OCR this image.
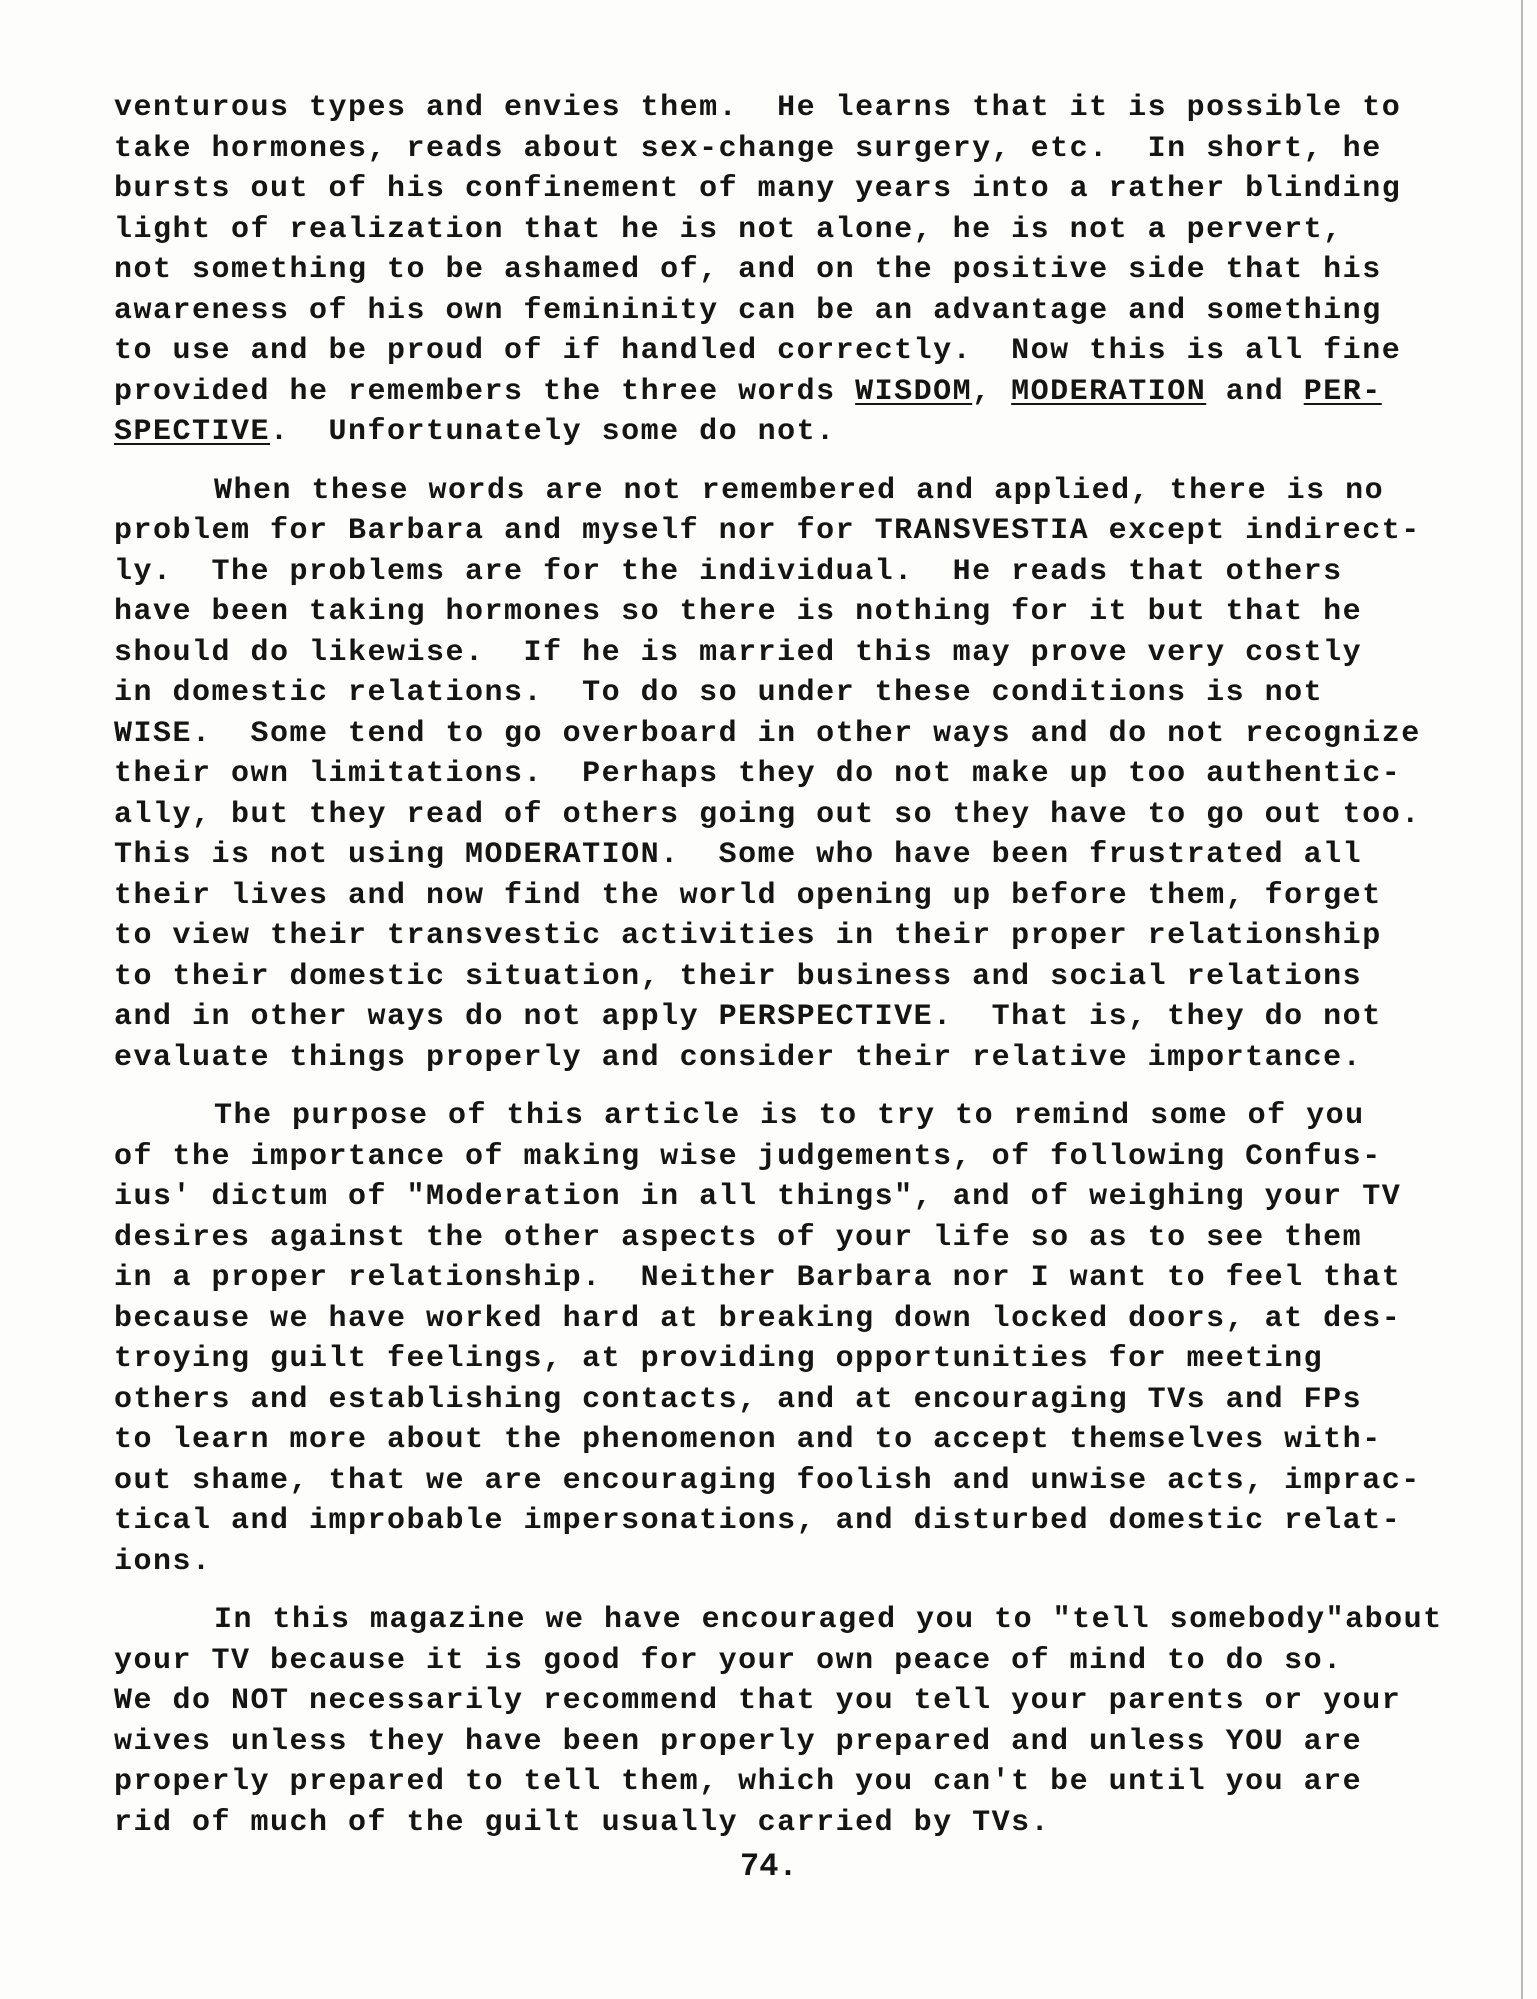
venturous types and envies them.  He learns that it is possible to
take hormones, reads about sex-change surgery, etc.  In short, he
bursts out of his confinement of many years into a rather blinding
light of realization that he is not alone, he is not a pervert,
not something to be ashamed of, and on the positive side that his
awareness of his own femininity can be an advantage and something
to use and be proud of if handled correctly.  Now this is all fine
provided he remembers the three words WISDOM, MODERATION and PER-
SPECTIVE.  Unfortunately some do not.
When these words are not remembered and applied, there is no
problem for Barbara and myself nor for TRANSVESTIA except indirect-
ly.  The problems are for the individual.  He reads that others
have been taking hormones so there is nothing for it but that he
should do likewise.  If he is married this may prove very costly
in domestic relations.  To do so under these conditions is not
WISE.  Some tend to go overboard in other ways and do not recognize
their own limitations.  Perhaps they do not make up too authentic-
ally, but they read of others going out so they have to go out too.
This is not using MODERATION.  Some who have been frustrated all
their lives and now find the world opening up before them, forget
to view their transvestic activities in their proper relationship
to their domestic situation, their business and social relations
and in other ways do not apply PERSPECTIVE.  That is, they do not
evaluate things properly and consider their relative importance.
The purpose of this article is to try to remind some of you
of the importance of making wise judgements, of following Confus-
ius' dictum of "Moderation in all things", and of weighing your TV
desires against the other aspects of your life so as to see them
in a proper relationship.  Neither Barbara nor I want to feel that
because we have worked hard at breaking down locked doors, at des-
troying guilt feelings, at providing opportunities for meeting
others and establishing contacts, and at encouraging TVs and FPs
to learn more about the phenomenon and to accept themselves with-
out shame, that we are encouraging foolish and unwise acts, imprac-
tical and improbable impersonations, and disturbed domestic relat-
ions.
In this magazine we have encouraged you to "tell somebody"about
your TV because it is good for your own peace of mind to do so.
We do NOT necessarily recommend that you tell your parents or your
wives unless they have been properly prepared and unless YOU are
properly prepared to tell them, which you can't be until you are
rid of much of the guilt usually carried by TVs.
74.
